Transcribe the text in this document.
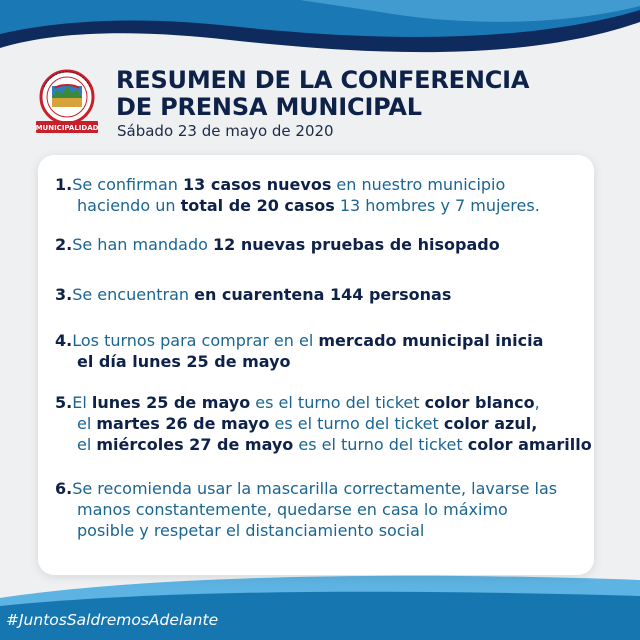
MUNICIPALIDAD
RESUMEN DE LA CONFERENCIA
DE PRENSA MUNICIPAL

Sábado 23 de mayo de 2020

1.Se confirman 13 casos nuevos en nuestro municipio
haciendo un total de 20 casos 13 hombres y 7 mujeres.
2.Se han mandado 12 nuevas pruebas de hisopado
3.Se encuentran en cuarentena 144 personas
4.Los turnos para comprar en el mercado municipal inicia
el día lunes 25 de mayo
5.El lunes 25 de mayo es el turno del ticket color blanco,
el martes 26 de mayo es el turno del ticket color azul,
el miércoles 27 de mayo es el turno del ticket color amarillo
6.Se recomienda usar la mascarilla correctamente, lavarse las
manos constantemente, quedarse en casa lo máximo
posible y respetar el distanciamiento social

#JuntosSaldremosAdelante
